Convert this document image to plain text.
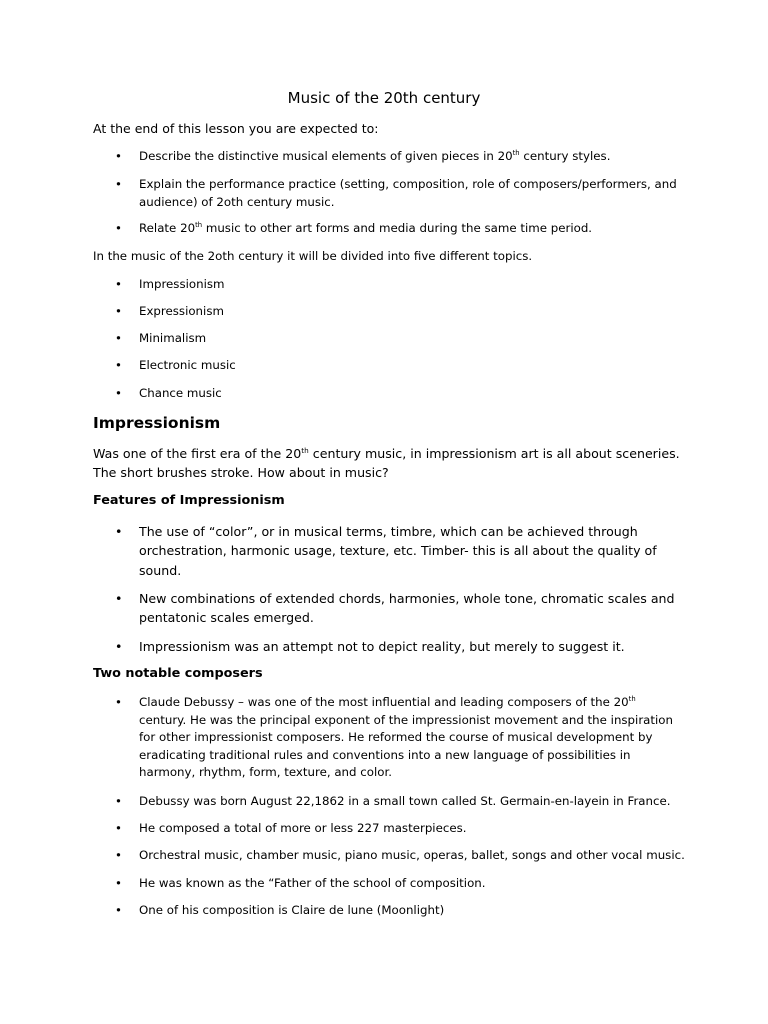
Music of the 20th century
At the end of this lesson you are expected to:
• Describe the distinctive musical elements of given pieces in 20th century styles.
• Explain the performance practice (setting, composition, role of composers/performers, and audience) of 2oth century music.
• Relate 20th music to other art forms and media during the same time period.
In the music of the 2oth century it will be divided into five different topics.
• Impressionism
• Expressionism
• Minimalism
• Electronic music
• Chance music
Impressionism
Was one of the first era of the 20th century music, in impressionism art is all about sceneries.
The short brushes stroke. How about in music?
Features of Impressionism
• The use of “color”, or in musical terms, timbre, which can be achieved through orchestration, harmonic usage, texture, etc. Timber- this is all about the quality of sound.
• New combinations of extended chords, harmonies, whole tone, chromatic scales and pentatonic scales emerged.
• Impressionism was an attempt not to depict reality, but merely to suggest it.
Two notable composers
• Claude Debussy – was one of the most influential and leading composers of the 20th century. He was the principal exponent of the impressionist movement and the inspiration for other impressionist composers. He reformed the course of musical development by eradicating traditional rules and conventions into a new language of possibilities in harmony, rhythm, form, texture, and color.
• Debussy was born August 22,1862 in a small town called St. Germain-en-layein in France.
• He composed a total of more or less 227 masterpieces.
• Orchestral music, chamber music, piano music, operas, ballet, songs and other vocal music.
• He was known as the “Father of the school of composition.
• One of his composition is Claire de lune (Moonlight)
